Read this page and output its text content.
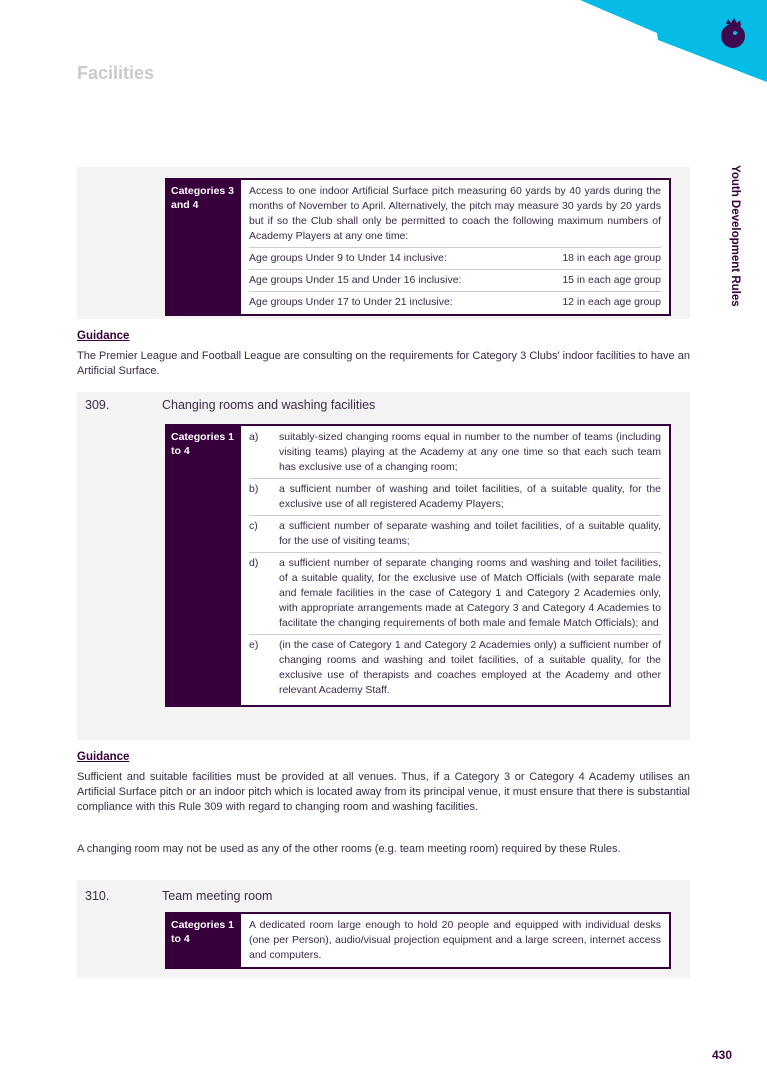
Facilities
Youth Development Rules
Categories 3 and 4
Access to one indoor Artificial Surface pitch measuring 60 yards by 40 yards during the months of November to April. Alternatively, the pitch may measure 30 yards by 20 yards but if so the Club shall only be permitted to coach the following maximum numbers of Academy Players at any one time:
Age groups Under 9 to Under 14 inclusive:	18 in each age group
Age groups Under 15 and Under 16 inclusive:	15 in each age group
Age groups Under 17 to Under 21 inclusive:	12 in each age group
Guidance
The Premier League and Football League are consulting on the requirements for Category 3 Clubs' indoor facilities to have an Artificial Surface.
309.	Changing rooms and washing facilities
Categories 1 to 4
a)	suitably-sized changing rooms equal in number to the number of teams (including visiting teams) playing at the Academy at any one time so that each such team has exclusive use of a changing room;
b)	a sufficient number of washing and toilet facilities, of a suitable quality, for the exclusive use of all registered Academy Players;
c)	a sufficient number of separate washing and toilet facilities, of a suitable quality, for the use of visiting teams;
d)	a sufficient number of separate changing rooms and washing and toilet facilities, of a suitable quality, for the exclusive use of Match Officials (with separate male and female facilities in the case of Category 1 and Category 2 Academies only, with appropriate arrangements made at Category 3 and Category 4 Academies to facilitate the changing requirements of both male and female Match Officials); and
e)	(in the case of Category 1 and Category 2 Academies only) a sufficient number of changing rooms and washing and toilet facilities, of a suitable quality, for the exclusive use of therapists and coaches employed at the Academy and other relevant Academy Staff.
Guidance
Sufficient and suitable facilities must be provided at all venues. Thus, if a Category 3 or Category 4 Academy utilises an Artificial Surface pitch or an indoor pitch which is located away from its principal venue, it must ensure that there is substantial compliance with this Rule 309 with regard to changing room and washing facilities.
A changing room may not be used as any of the other rooms (e.g. team meeting room) required by these Rules.
310.	Team meeting room
Categories 1 to 4
A dedicated room large enough to hold 20 people and equipped with individual desks (one per Person), audio/visual projection equipment and a large screen, internet access and computers.
430
